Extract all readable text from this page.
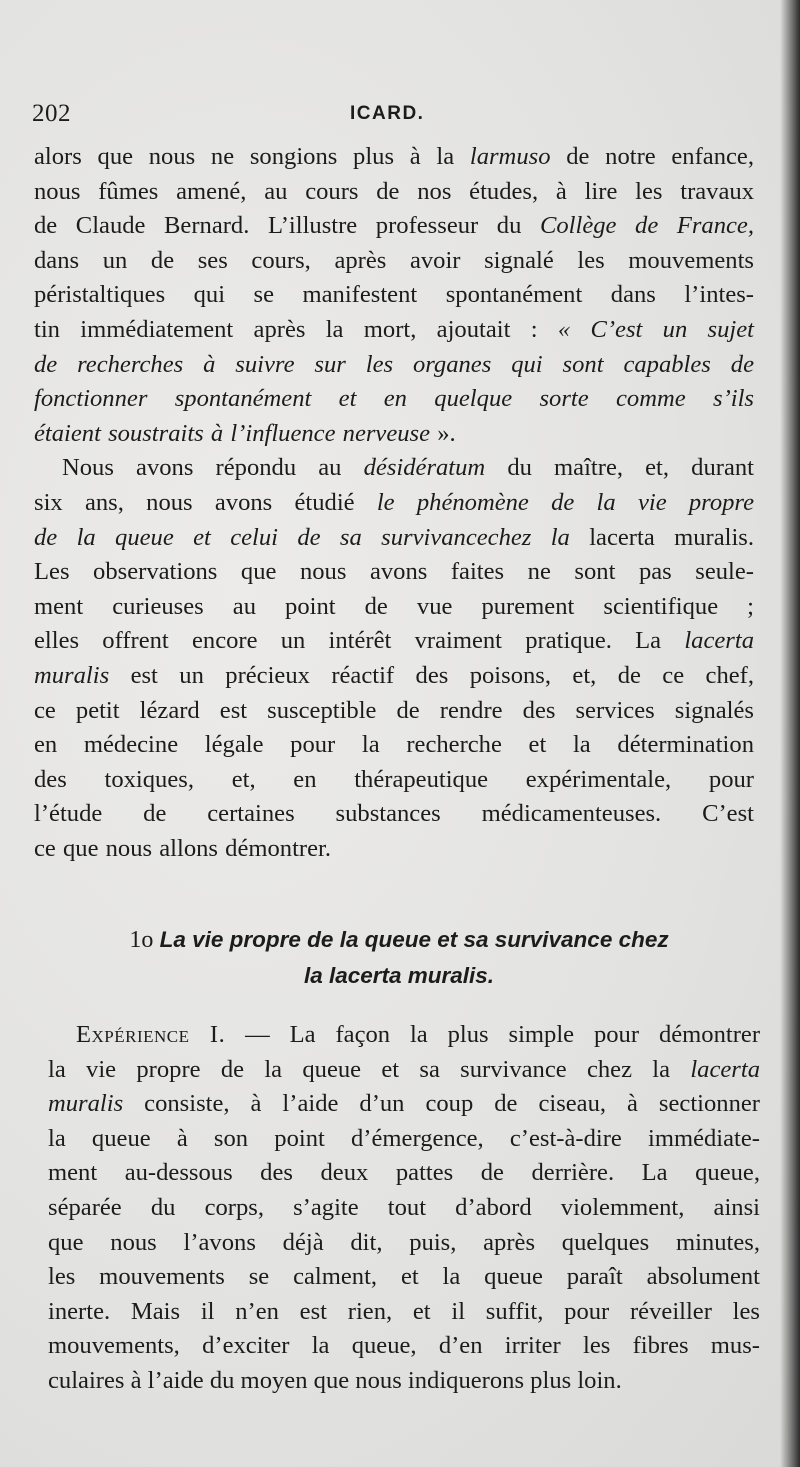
202	ICARD.
alors que nous ne songions plus à la larmuso de notre enfance,
nous fûmes amené, au cours de nos études, à lire les travaux
de Claude Bernard. L’illustre professeur du Collège de France,
dans un de ses cours, après avoir signalé les mouvements
péristaltiques qui se manifestent spontanément dans l’intes-
tin immédiatement après la mort, ajoutait : « C’est un sujet
de recherches à suivre sur les organes qui sont capables de
fonctionner spontanément et en quelque sorte comme s’ils
étaient soustraits à l’influence nerveuse ».
Nous avons répondu au désidératum du maître, et, durant
six ans, nous avons étudié le phénomène de la vie propre
de la queue et celui de sa survivancechez la lacerta muralis.
Les observations que nous avons faites ne sont pas seule-
ment curieuses au point de vue purement scientifique ;
elles offrent encore un intérêt vraiment pratique. La lacerta
muralis est un précieux réactif des poisons, et, de ce chef,
ce petit lézard est susceptible de rendre des services signalés
en médecine légale pour la recherche et la détermination
des toxiques, et, en thérapeutique expérimentale, pour
l’étude de certaines substances médicamenteuses. C’est
ce que nous allons démontrer.
1o La vie propre de la queue et sa survivance chez
la lacerta muralis.
Expérience I. — La façon la plus simple pour démontrer
la vie propre de la queue et sa survivance chez la lacerta
muralis consiste, à l’aide d’un coup de ciseau, à sectionner
la queue à son point d’émergence, c’est-à-dire immédiate-
ment au-dessous des deux pattes de derrière. La queue,
séparée du corps, s’agite tout d’abord violemment, ainsi
que nous l’avons déjà dit, puis, après quelques minutes,
les mouvements se calment, et la queue paraît absolument
inerte. Mais il n’en est rien, et il suffit, pour réveiller les
mouvements, d’exciter la queue, d’en irriter les fibres mus-
culaires à l’aide du moyen que nous indiquerons plus loin.
